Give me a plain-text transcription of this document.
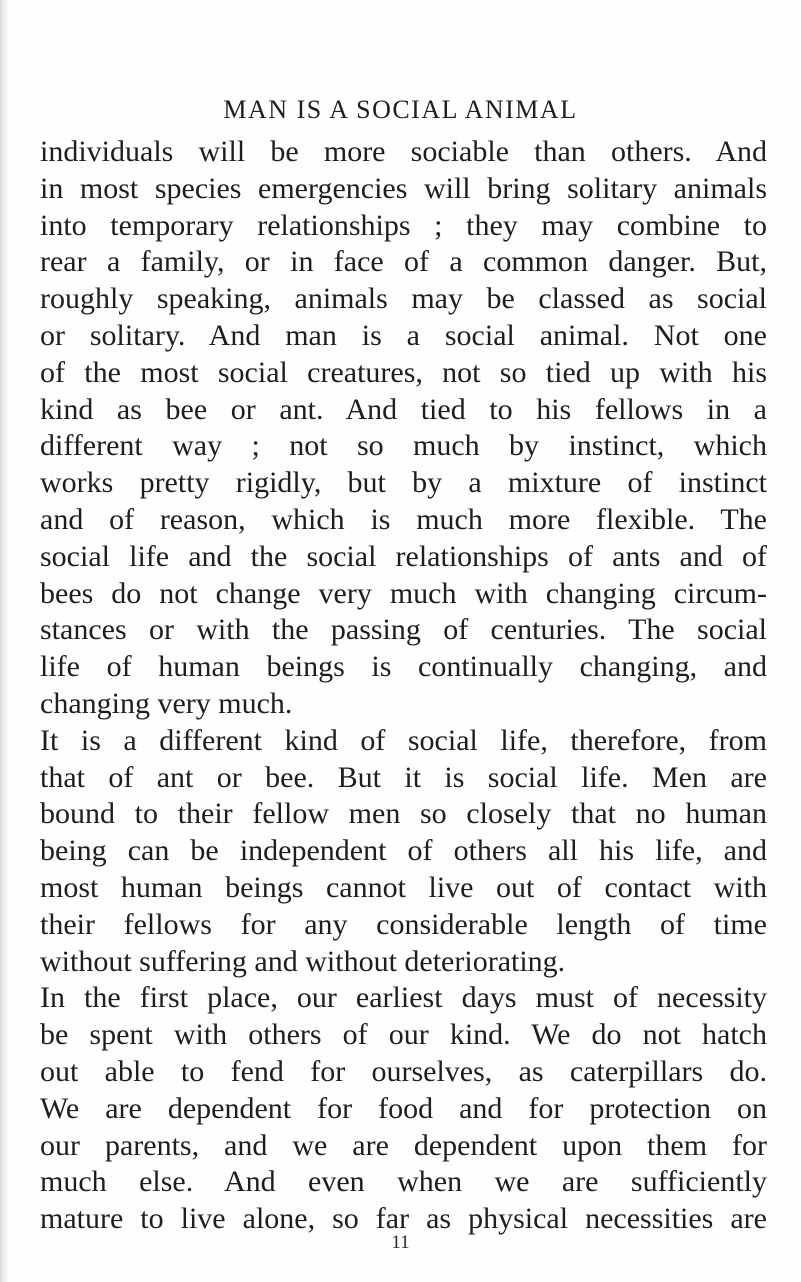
MAN IS A SOCIAL ANIMAL
individuals will be more sociable than others. And
in most species emergencies will bring solitary animals
into temporary relationships ; they may combine to
rear a family, or in face of a common danger. But,
roughly speaking, animals may be classed as social
or solitary. And man is a social animal. Not one
of the most social creatures, not so tied up with his
kind as bee or ant. And tied to his fellows in a
different way ; not so much by instinct, which
works pretty rigidly, but by a mixture of instinct
and of reason, which is much more flexible. The
social life and the social relationships of ants and of
bees do not change very much with changing circum-
stances or with the passing of centuries. The social
life of human beings is continually changing, and
changing very much.
It is a different kind of social life, therefore, from
that of ant or bee. But it is social life. Men are
bound to their fellow men so closely that no human
being can be independent of others all his life, and
most human beings cannot live out of contact with
their fellows for any considerable length of time
without suffering and without deteriorating.
In the first place, our earliest days must of necessity
be spent with others of our kind. We do not hatch
out able to fend for ourselves, as caterpillars do.
We are dependent for food and for protection on
our parents, and we are dependent upon them for
much else. And even when we are sufficiently
mature to live alone, so far as physical necessities are
11
